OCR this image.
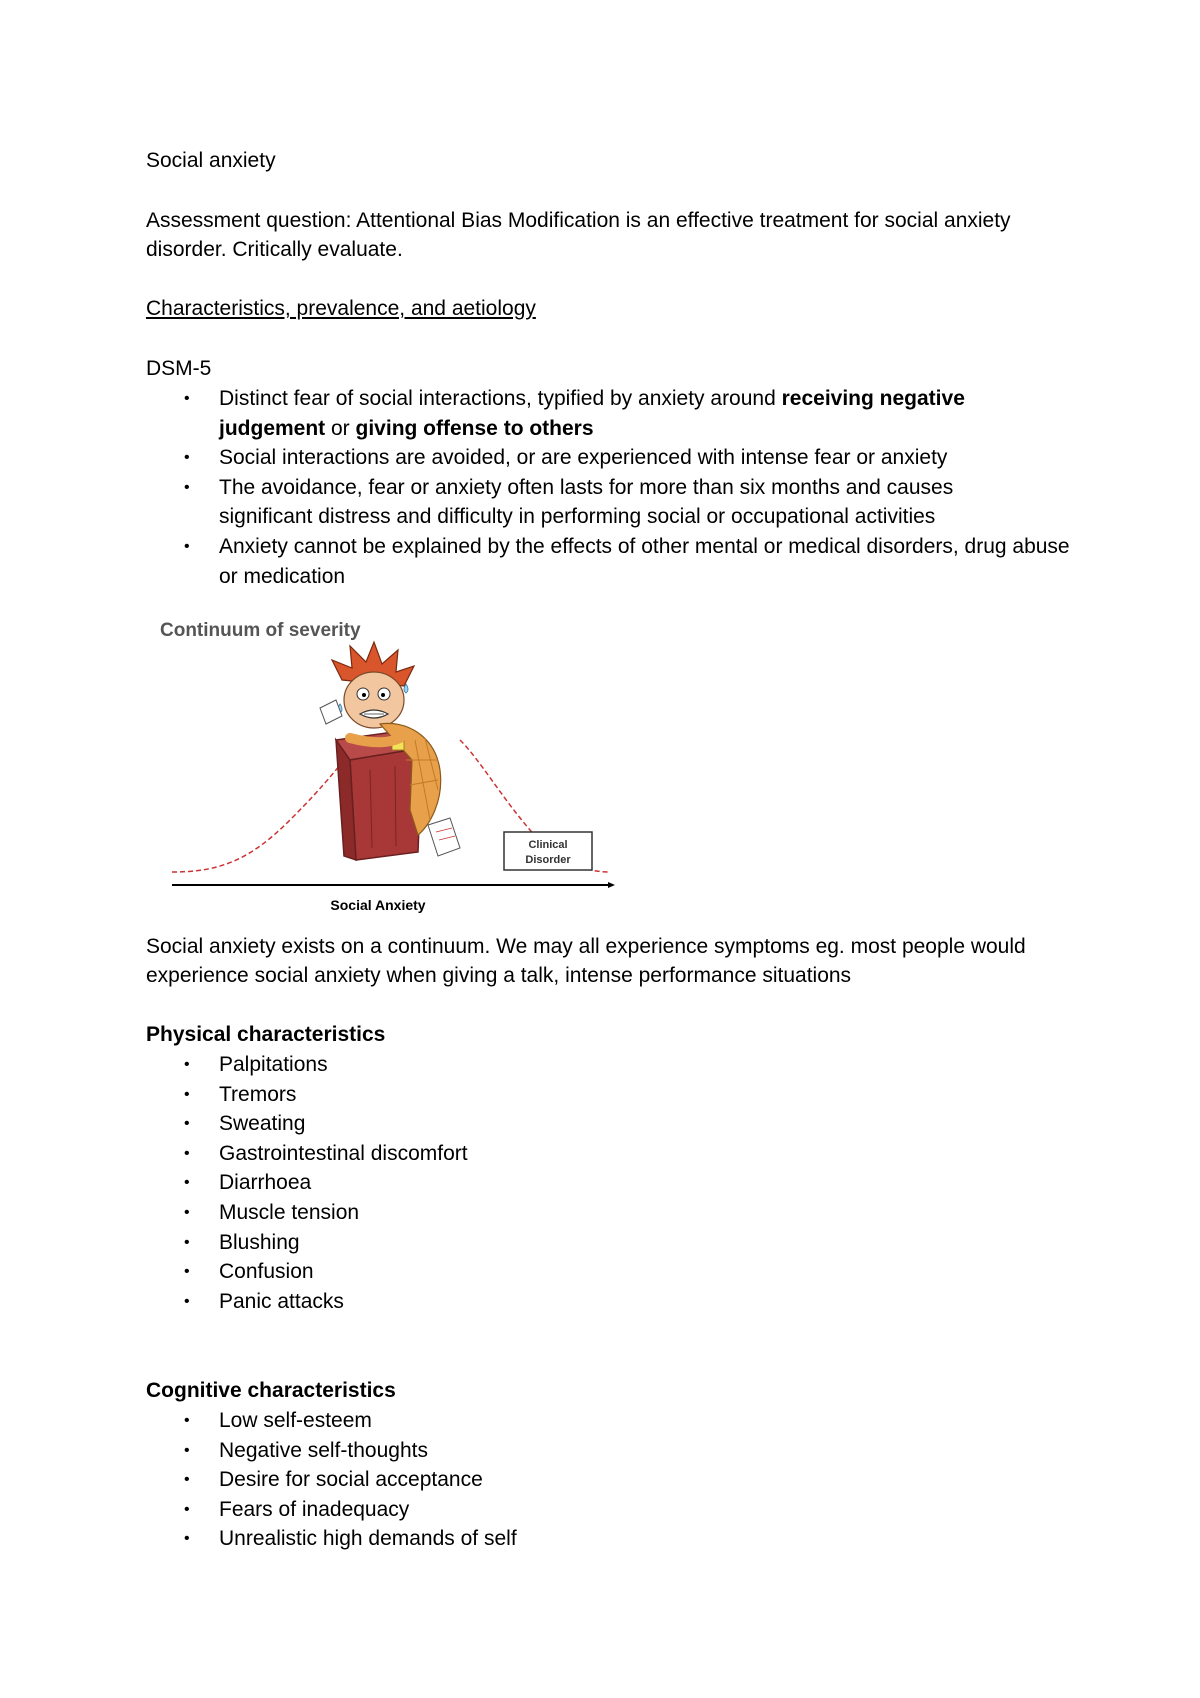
Social anxiety
Assessment question: Attentional Bias Modification is an effective treatment for social anxiety disorder. Critically evaluate.
Characteristics, prevalence, and aetiology
DSM-5
• Distinct fear of social interactions, typified by anxiety around receiving negative judgement or giving offense to others
• Social interactions are avoided, or are experienced with intense fear or anxiety
• The avoidance, fear or anxiety often lasts for more than six months and causes significant distress and difficulty in performing social or occupational activities
• Anxiety cannot be explained by the effects of other mental or medical disorders, drug abuse or medication
Continuum of severity
Clinical
Disorder
Social Anxiety
Social anxiety exists on a continuum. We may all experience symptoms eg. most people would experience social anxiety when giving a talk, intense performance situations
Physical characteristics
• Palpitations
• Tremors
• Sweating
• Gastrointestinal discomfort
• Diarrhoea
• Muscle tension
• Blushing
• Confusion
• Panic attacks
Cognitive characteristics
• Low self-esteem
• Negative self-thoughts
• Desire for social acceptance
• Fears of inadequacy
• Unrealistic high demands of self
